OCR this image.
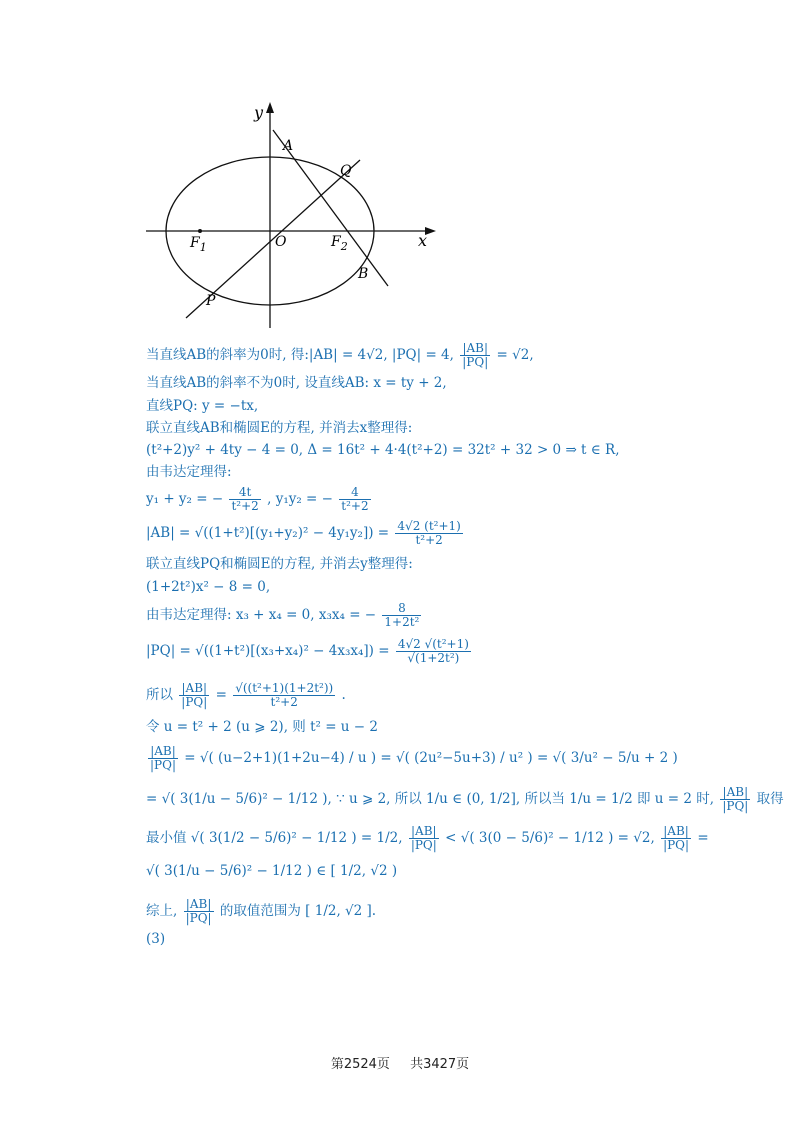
y
x
O
A
Q
B
P
$F_1$	$F_2$
当直线AB的斜率为0时, 得:|AB| = 4√2, |PQ| = 4, $\frac{|AB|}{|PQ|} = √2$,
当直线AB的斜率不为0时, 设直线AB: x = ty + 2,
直线PQ: y = −tx,
联立直线AB和椭圆E的方程, 并消去x整理得:
(t²+2)y² + 4ty − 4 = 0, Δ = 16t² + 4·4(t²+2) = 32t² + 32 > 0 ⇒ t ∈ R,
由韦达定理得:
y₁ + y₂ = − $\frac{4t}{\text{t²+2}}$ , y₁y₂ = − $\frac{4}{\text{t²+2}}$
$|AB| = √((1+t^2)[(y_1+y_2)^2 - 4y_1y_2]) = \frac{\text{4√2 (t²+1)}}{\text{t²+2}}$
联立直线PQ和椭圆E的方程, 并消去y整理得:
(1+2t²)x² − 8 = 0,
由韦达定理得: x₃ + x₄ = 0, x₃x₄ = − $\frac{8}{\text{1+2t²}}$
$|PQ| = √((1+t^2)[(x_3+x_4)^2 - 4x_3x_4]) = \frac{\text{4√2 √(t²+1)}}{\text{√(1+2t²)}}$
所以 $\frac{|AB|}{|PQ|} = \frac{\text{√((t²+1)(1+2t²))}}{\text{t²+2}}$ .
令 u = t² + 2 (u ⩾ 2), 则 t² = u − 2
$\frac{|AB|}{|PQ|}$ = √( (u−2+1)(1+2u−4) / u ) = √( (2u²−5u+3) / u² ) = √( 3/u² − 5/u + 2 )
= √( 3(1/u − 5/6)² − 1/12 ), ∵ u ⩾ 2, 所以 1/u ∈ (0, 1/2], 所以当 1/u = 1/2 即 u = 2 时, $\frac{|AB|}{|PQ|}$ 取得
最小值 √( 3(1/2 − 5/6)² − 1/12 ) = 1/2, $\frac{|AB|}{|PQ|}$ < √( 3(0 − 5/6)² − 1/12 ) = √2, $\frac{|AB|}{|PQ|}$ =
√( 3(1/u − 5/6)² − 1/12 ) ∈ [ 1/2, √2 )
综上, $\frac{|AB|}{|PQ|}$ 的取值范围为 [ 1/2, √2 ].
(3)
第2524页 共3427页
